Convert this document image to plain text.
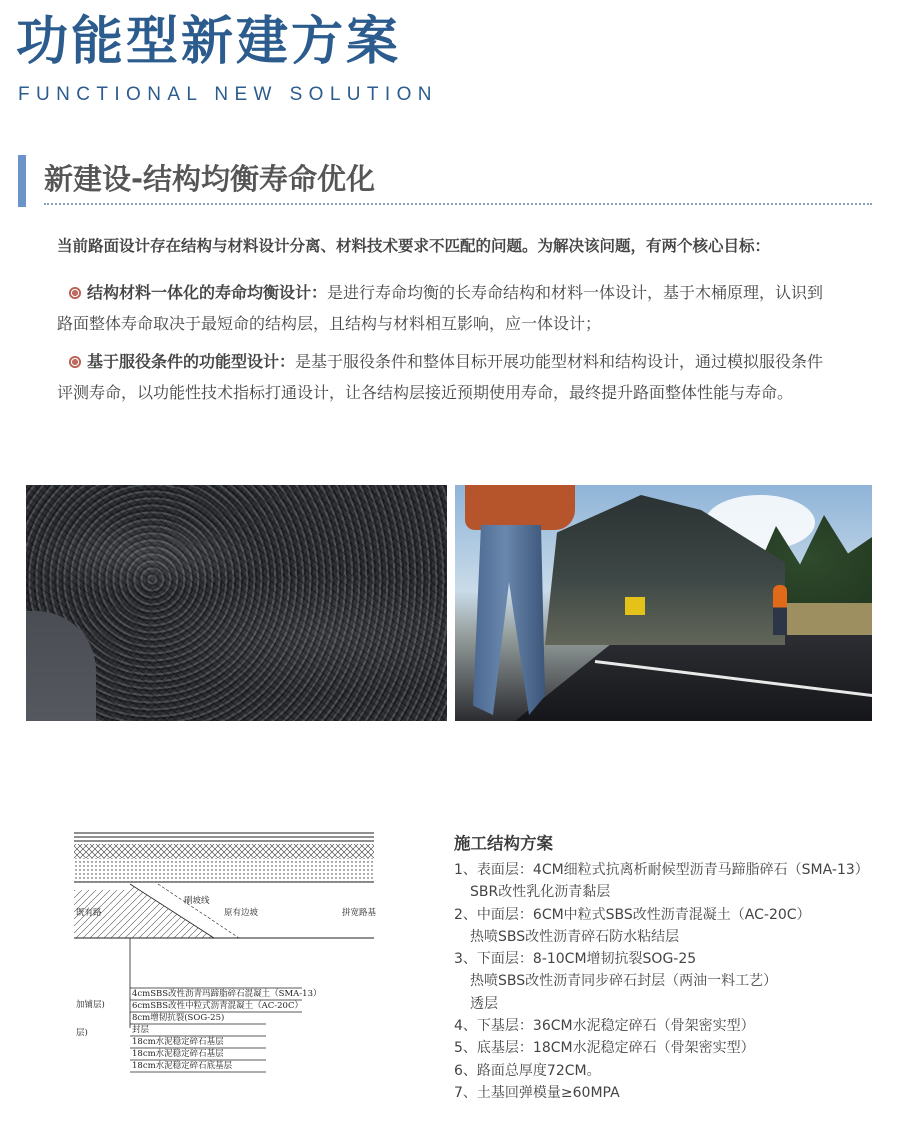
功能型新建方案
FUNCTIONAL NEW SOLUTION
新建设-结构均衡寿命优化
当前路面设计存在结构与材料设计分离、材料技术要求不匹配的问题。为解决该问题，有两个核心目标：
结构材料一体化的寿命均衡设计：是进行寿命均衡的长寿命结构和材料一体设计，基于木桶原理，认识到路面整体寿命取决于最短命的结构层，且结构与材料相互影响，应一体设计；
基于服役条件的功能型设计：是基于服役条件和整体目标开展功能型材料和结构设计，通过模拟服役条件评测寿命，以功能性技术指标打通设计，让各结构层接近预期使用寿命，最终提升路面整体性能与寿命。
刷坡线
原有边坡	拼宽路基
既有路
加铺层)
层)
4cmSBS改性沥青玛蹄脂碎石混凝土（SMA-13）
6cmSBS改性中粒式沥青混凝土（AC-20C）
8cm增韧抗裂(SOG-25)
封层
18cm水泥稳定碎石基层
18cm水泥稳定碎石基层
18cm水泥稳定碎石底基层
施工结构方案
1、表面层：4CM细粒式抗离析耐候型沥青马蹄脂碎石（SMA-13）
SBR改性乳化沥青黏层
2、中面层：6CM中粒式SBS改性沥青混凝土（AC-20C）
热喷SBS改性沥青碎石防水粘结层
3、下面层：8-10CM增韧抗裂SOG-25
热喷SBS改性沥青同步碎石封层（两油一料工艺）
透层
4、下基层：36CM水泥稳定碎石（骨架密实型）
5、底基层：18CM水泥稳定碎石（骨架密实型）
6、路面总厚度72CM。
7、土基回弹模量≥60MPA
